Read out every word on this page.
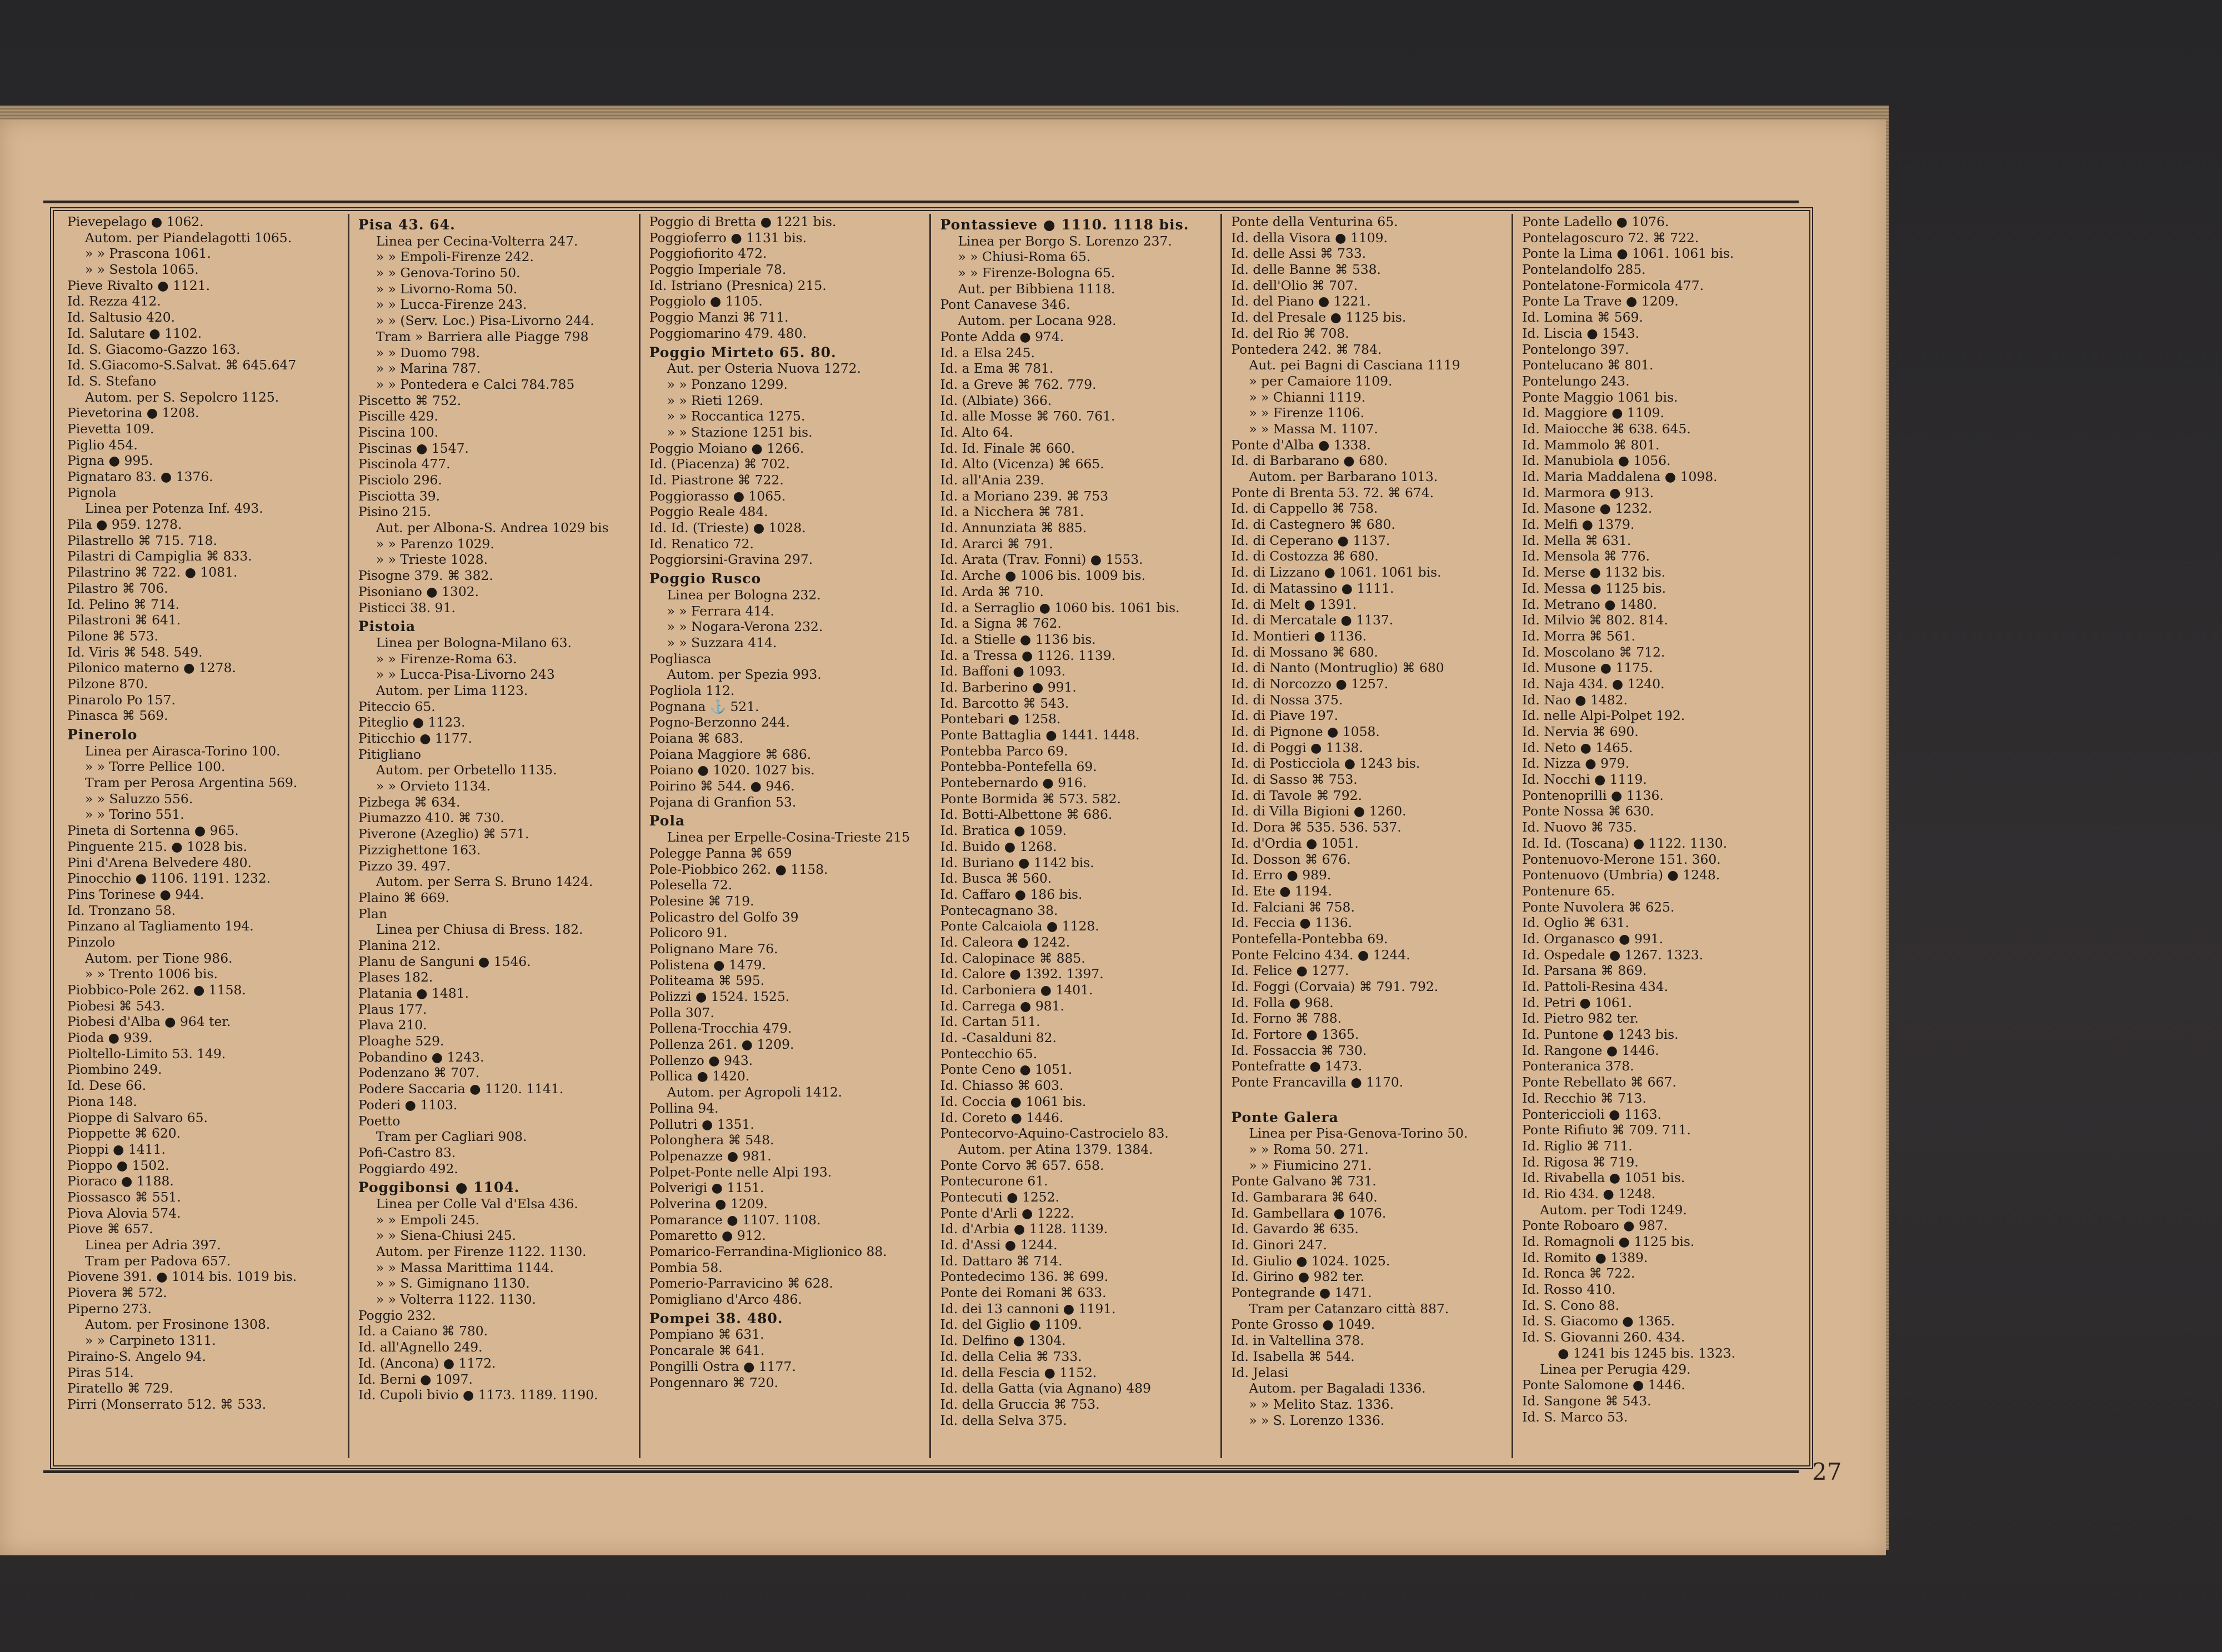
Pievepelago ● 1062.
Autom. per Piandelagotti 1065.
» » Prascona 1061.
» » Sestola 1065.
Pieve Rivalto ● 1121.
Id. Rezza 412.
Id. Saltusio 420.
Id. Salutare ● 1102.
Id. S. Giacomo-Gazzo 163.
Id. S.Giacomo-S.Salvat. ⌘ 645.647
Id. S. Stefano
Autom. per S. Sepolcro 1125.
Pievetorina ● 1208.
Pievetta 109.
Piglio 454.
Pigna ● 995.
Pignataro 83. ● 1376.
Pignola
Linea per Potenza Inf. 493.
Pila ● 959. 1278.
Pilastrello ⌘ 715. 718.
Pilastri di Campiglia ⌘ 833.
Pilastrino ⌘ 722. ● 1081.
Pilastro ⌘ 706.
Id. Pelino ⌘ 714.
Pilastroni ⌘ 641.
Pilone ⌘ 573.
Id. Viris ⌘ 548. 549.
Pilonico materno ● 1278.
Pilzone 870.
Pinarolo Po 157.
Pinasca ⌘ 569.
Pinerolo
Linea per Airasca-Torino 100.
» » Torre Pellice 100.
Tram per Perosa Argentina 569.
» » Saluzzo 556.
» » Torino 551.
Pineta di Sortenna ● 965.
Pinguente 215. ● 1028 bis.
Pini d'Arena Belvedere 480.
Pinocchio ● 1106. 1191. 1232.
Pins Torinese ● 944.
Id. Tronzano 58.
Pinzano al Tagliamento 194.
Pinzolo
Autom. per Tione 986.
» » Trento 1006 bis.
Piobbico-Pole 262. ● 1158.
Piobesi ⌘ 543.
Piobesi d'Alba ● 964 ter.
Pioda ● 939.
Pioltello-Limito 53. 149.
Piombino 249.
Id. Dese 66.
Piona 148.
Pioppe di Salvaro 65.
Pioppette ⌘ 620.
Pioppi ● 1411.
Pioppo ● 1502.
Pioraco ● 1188.
Piossasco ⌘ 551.
Piova Alovia 574.
Piove ⌘ 657.
Linea per Adria 397.
Tram per Padova 657.
Piovene 391. ● 1014 bis. 1019 bis.
Piovera ⌘ 572.
Piperno 273.
Autom. per Frosinone 1308.
» » Carpineto 1311.
Piraino-S. Angelo 94.
Piras 514.
Piratello ⌘ 729.
Pirri (Monserrato 512. ⌘ 533.
Pisa 43. 64.
Linea per Cecina-Volterra 247.
» » Empoli-Firenze 242.
» » Genova-Torino 50.
» » Livorno-Roma 50.
» » Lucca-Firenze 243.
» » (Serv. Loc.) Pisa-Livorno 244.
Tram » Barriera alle Piagge 798
» » Duomo 798.
» » Marina 787.
» » Pontedera e Calci 784.785
Piscetto ⌘ 752.
Piscille 429.
Piscina 100.
Piscinas ● 1547.
Piscinola 477.
Pisciolo 296.
Pisciotta 39.
Pisino 215.
Aut. per Albona-S. Andrea 1029 bis
» » Parenzo 1029.
» » Trieste 1028.
Pisogne 379. ⌘ 382.
Pisoniano ● 1302.
Pisticci 38. 91.
Pistoia
Linea per Bologna-Milano 63.
» » Firenze-Roma 63.
» » Lucca-Pisa-Livorno 243
Autom. per Lima 1123.
Piteccio 65.
Piteglio ● 1123.
Piticchio ● 1177.
Pitigliano
Autom. per Orbetello 1135.
» » Orvieto 1134.
Pizbega ⌘ 634.
Piumazzo 410. ⌘ 730.
Piverone (Azeglio) ⌘ 571.
Pizzighettone 163.
Pizzo 39. 497.
Autom. per Serra S. Bruno 1424.
Plaino ⌘ 669.
Plan
Linea per Chiusa di Bress. 182.
Planina 212.
Planu de Sanguni ● 1546.
Plases 182.
Platania ● 1481.
Plaus 177.
Plava 210.
Ploaghe 529.
Pobandino ● 1243.
Podenzano ⌘ 707.
Podere Saccaria ● 1120. 1141.
Poderi ● 1103.
Poetto
Tram per Cagliari 908.
Pofi-Castro 83.
Poggiardo 492.
Poggibonsi ● 1104.
Linea per Colle Val d'Elsa 436.
» » Empoli 245.
» » Siena-Chiusi 245.
Autom. per Firenze 1122. 1130.
» » Massa Marittima 1144.
» » S. Gimignano 1130.
» » Volterra 1122. 1130.
Poggio 232.
Id. a Caiano ⌘ 780.
Id. all'Agnello 249.
Id. (Ancona) ● 1172.
Id. Berni ● 1097.
Id. Cupoli bivio ● 1173. 1189. 1190.
Poggio di Bretta ● 1221 bis.
Poggioferro ● 1131 bis.
Poggiofiorito 472.
Poggio Imperiale 78.
Id. Istriano (Presnica) 215.
Poggiolo ● 1105.
Poggio Manzi ⌘ 711.
Poggiomarino 479. 480.
Poggio Mirteto 65. 80.
Aut. per Osteria Nuova 1272.
» » Ponzano 1299.
» » Rieti 1269.
» » Roccantica 1275.
» » Stazione 1251 bis.
Poggio Moiano ● 1266.
Id. (Piacenza) ⌘ 702.
Id. Piastrone ⌘ 722.
Poggiorasso ● 1065.
Poggio Reale 484.
Id. Id. (Trieste) ● 1028.
Id. Renatico 72.
Poggiorsini-Gravina 297.
Poggio Rusco
Linea per Bologna 232.
» » Ferrara 414.
» » Nogara-Verona 232.
» » Suzzara 414.
Pogliasca
Autom. per Spezia 993.
Pogliola 112.
Pognana ⚓ 521.
Pogno-Berzonno 244.
Poiana ⌘ 683.
Poiana Maggiore ⌘ 686.
Poiano ● 1020. 1027 bis.
Poirino ⌘ 544. ● 946.
Pojana di Granfion 53.
Pola
Linea per Erpelle-Cosina-Trieste 215
Polegge Panna ⌘ 659
Pole-Piobbico 262. ● 1158.
Polesella 72.
Polesine ⌘ 719.
Policastro del Golfo 39
Policoro 91.
Polignano Mare 76.
Polistena ● 1479.
Politeama ⌘ 595.
Polizzi ● 1524. 1525.
Polla 307.
Pollena-Trocchia 479.
Pollenza 261. ● 1209.
Pollenzo ● 943.
Pollica ● 1420.
Autom. per Agropoli 1412.
Pollina 94.
Pollutri ● 1351.
Polonghera ⌘ 548.
Polpenazze ● 981.
Polpet-Ponte nelle Alpi 193.
Polverigi ● 1151.
Polverina ● 1209.
Pomarance ● 1107. 1108.
Pomaretto ● 912.
Pomarico-Ferrandina-Miglionico 88.
Pombia 58.
Pomerio-Parravicino ⌘ 628.
Pomigliano d'Arco 486.
Pompei 38. 480.
Pompiano ⌘ 631.
Poncarale ⌘ 641.
Pongilli Ostra ● 1177.
Pongennaro ⌘ 720.
Pontassieve ● 1110. 1118 bis.
Linea per Borgo S. Lorenzo 237.
» » Chiusi-Roma 65.
» » Firenze-Bologna 65.
Aut. per Bibbiena 1118.
Pont Canavese 346.
Autom. per Locana 928.
Ponte Adda ● 974.
Id. a Elsa 245.
Id. a Ema ⌘ 781.
Id. a Greve ⌘ 762. 779.
Id. (Albiate) 366.
Id. alle Mosse ⌘ 760. 761.
Id. Alto 64.
Id. Id. Finale ⌘ 660.
Id. Alto (Vicenza) ⌘ 665.
Id. all'Ania 239.
Id. a Moriano 239. ⌘ 753
Id. a Nicchera ⌘ 781.
Id. Annunziata ⌘ 885.
Id. Ararci ⌘ 791.
Id. Arata (Trav. Fonni) ● 1553.
Id. Arche ● 1006 bis. 1009 bis.
Id. Arda ⌘ 710.
Id. a Serraglio ● 1060 bis. 1061 bis.
Id. a Signa ⌘ 762.
Id. a Stielle ● 1136 bis.
Id. a Tressa ● 1126. 1139.
Id. Baffoni ● 1093.
Id. Barberino ● 991.
Id. Barcotto ⌘ 543.
Pontebari ● 1258.
Ponte Battaglia ● 1441. 1448.
Pontebba Parco 69.
Pontebba-Pontefella 69.
Pontebernardo ● 916.
Ponte Bormida ⌘ 573. 582.
Id. Botti-Albettone ⌘ 686.
Id. Bratica ● 1059.
Id. Buido ● 1268.
Id. Buriano ● 1142 bis.
Id. Busca ⌘ 560.
Id. Caffaro ● 186 bis.
Pontecagnano 38.
Ponte Calcaiola ● 1128.
Id. Caleora ● 1242.
Id. Calopinace ⌘ 885.
Id. Calore ● 1392. 1397.
Id. Carboniera ● 1401.
Id. Carrega ● 981.
Id. Cartan 511.
Id. -Casalduni 82.
Pontecchio 65.
Ponte Ceno ● 1051.
Id. Chiasso ⌘ 603.
Id. Coccia ● 1061 bis.
Id. Coreto ● 1446.
Pontecorvo-Aquino-Castrocielo 83.
Autom. per Atina 1379. 1384.
Ponte Corvo ⌘ 657. 658.
Pontecurone 61.
Pontecuti ● 1252.
Ponte d'Arli ● 1222.
Id. d'Arbia ● 1128. 1139.
Id. d'Assi ● 1244.
Id. Dattaro ⌘ 714.
Pontedecimo 136. ⌘ 699.
Ponte dei Romani ⌘ 633.
Id. dei 13 cannoni ● 1191.
Id. del Giglio ● 1109.
Id. Delfino ● 1304.
Id. della Celia ⌘ 733.
Id. della Fescia ● 1152.
Id. della Gatta (via Agnano) 489
Id. della Gruccia ⌘ 753.
Id. della Selva 375.
Ponte della Venturina 65.
Id. della Visora ● 1109.
Id. delle Assi ⌘ 733.
Id. delle Banne ⌘ 538.
Id. dell'Olio ⌘ 707.
Id. del Piano ● 1221.
Id. del Presale ● 1125 bis.
Id. del Rio ⌘ 708.
Pontedera 242. ⌘ 784.
Aut. pei Bagni di Casciana 1119
» per Camaiore 1109.
» » Chianni 1119.
» » Firenze 1106.
» » Massa M. 1107.
Ponte d'Alba ● 1338.
Id. di Barbarano ● 680.
Autom. per Barbarano 1013.
Ponte di Brenta 53. 72. ⌘ 674.
Id. di Cappello ⌘ 758.
Id. di Castegnero ⌘ 680.
Id. di Ceperano ● 1137.
Id. di Costozza ⌘ 680.
Id. di Lizzano ● 1061. 1061 bis.
Id. di Matassino ● 1111.
Id. di Melt ● 1391.
Id. di Mercatale ● 1137.
Id. Montieri ● 1136.
Id. di Mossano ⌘ 680.
Id. di Nanto (Montruglio) ⌘ 680
Id. di Norcozzo ● 1257.
Id. di Nossa 375.
Id. di Piave 197.
Id. di Pignone ● 1058.
Id. di Poggi ● 1138.
Id. di Posticciola ● 1243 bis.
Id. di Sasso ⌘ 753.
Id. di Tavole ⌘ 792.
Id. di Villa Bigioni ● 1260.
Id. Dora ⌘ 535. 536. 537.
Id. d'Ordia ● 1051.
Id. Dosson ⌘ 676.
Id. Erro ● 989.
Id. Ete ● 1194.
Id. Falciani ⌘ 758.
Id. Feccia ● 1136.
Pontefella-Pontebba 69.
Ponte Felcino 434. ● 1244.
Id. Felice ● 1277.
Id. Foggi (Corvaia) ⌘ 791. 792.
Id. Folla ● 968.
Id. Forno ⌘ 788.
Id. Fortore ● 1365.
Id. Fossaccia ⌘ 730.
Pontefratte ● 1473.
Ponte Francavilla ● 1170.
Ponte Galera
Linea per Pisa-Genova-Torino 50.
» » Roma 50. 271.
» » Fiumicino 271.
Ponte Galvano ⌘ 731.
Id. Gambarara ⌘ 640.
Id. Gambellara ● 1076.
Id. Gavardo ⌘ 635.
Id. Ginori 247.
Id. Giulio ● 1024. 1025.
Id. Girino ● 982 ter.
Pontegrande ● 1471.
Tram per Catanzaro città 887.
Ponte Grosso ● 1049.
Id. in Valtellina 378.
Id. Isabella ⌘ 544.
Id. Jelasi
Autom. per Bagaladi 1336.
» » Melito Staz. 1336.
» » S. Lorenzo 1336.
Ponte Ladello ● 1076.
Pontelagoscuro 72. ⌘ 722.
Ponte la Lima ● 1061. 1061 bis.
Pontelandolfo 285.
Pontelatone-Formicola 477.
Ponte La Trave ● 1209.
Id. Lomina ⌘ 569.
Id. Liscia ● 1543.
Pontelongo 397.
Pontelucano ⌘ 801.
Pontelungo 243.
Ponte Maggio 1061 bis.
Id. Maggiore ● 1109.
Id. Maiocche ⌘ 638. 645.
Id. Mammolo ⌘ 801.
Id. Manubiola ● 1056.
Id. Maria Maddalena ● 1098.
Id. Marmora ● 913.
Id. Masone ● 1232.
Id. Melfi ● 1379.
Id. Mella ⌘ 631.
Id. Mensola ⌘ 776.
Id. Merse ● 1132 bis.
Id. Messa ● 1125 bis.
Id. Metrano ● 1480.
Id. Milvio ⌘ 802. 814.
Id. Morra ⌘ 561.
Id. Moscolano ⌘ 712.
Id. Musone ● 1175.
Id. Naja 434. ● 1240.
Id. Nao ● 1482.
Id. nelle Alpi-Polpet 192.
Id. Nervia ⌘ 690.
Id. Neto ● 1465.
Id. Nizza ● 979.
Id. Nocchi ● 1119.
Pontenoprilli ● 1136.
Ponte Nossa ⌘ 630.
Id. Nuovo ⌘ 735.
Id. Id. (Toscana) ● 1122. 1130.
Pontenuovo-Merone 151. 360.
Pontenuovo (Umbria) ● 1248.
Pontenure 65.
Ponte Nuvolera ⌘ 625.
Id. Oglio ⌘ 631.
Id. Organasco ● 991.
Id. Ospedale ● 1267. 1323.
Id. Parsana ⌘ 869.
Id. Pattoli-Resina 434.
Id. Petri ● 1061.
Id. Pietro 982 ter.
Id. Puntone ● 1243 bis.
Id. Rangone ● 1446.
Ponteranica 378.
Ponte Rebellato ⌘ 667.
Id. Recchio ⌘ 713.
Pontericcioli ● 1163.
Ponte Rifiuto ⌘ 709. 711.
Id. Riglio ⌘ 711.
Id. Rigosa ⌘ 719.
Id. Rivabella ● 1051 bis.
Id. Rio 434. ● 1248.
Autom. per Todi 1249.
Ponte Roboaro ● 987.
Id. Romagnoli ● 1125 bis.
Id. Romito ● 1389.
Id. Ronca ⌘ 722.
Id. Rosso 410.
Id. S. Cono 88.
Id. S. Giacomo ● 1365.
Id. S. Giovanni 260. 434.
● 1241 bis 1245 bis. 1323.
Linea per Perugia 429.
Ponte Salomone ● 1446.
Id. Sangone ⌘ 543.
Id. S. Marco 53.
27
